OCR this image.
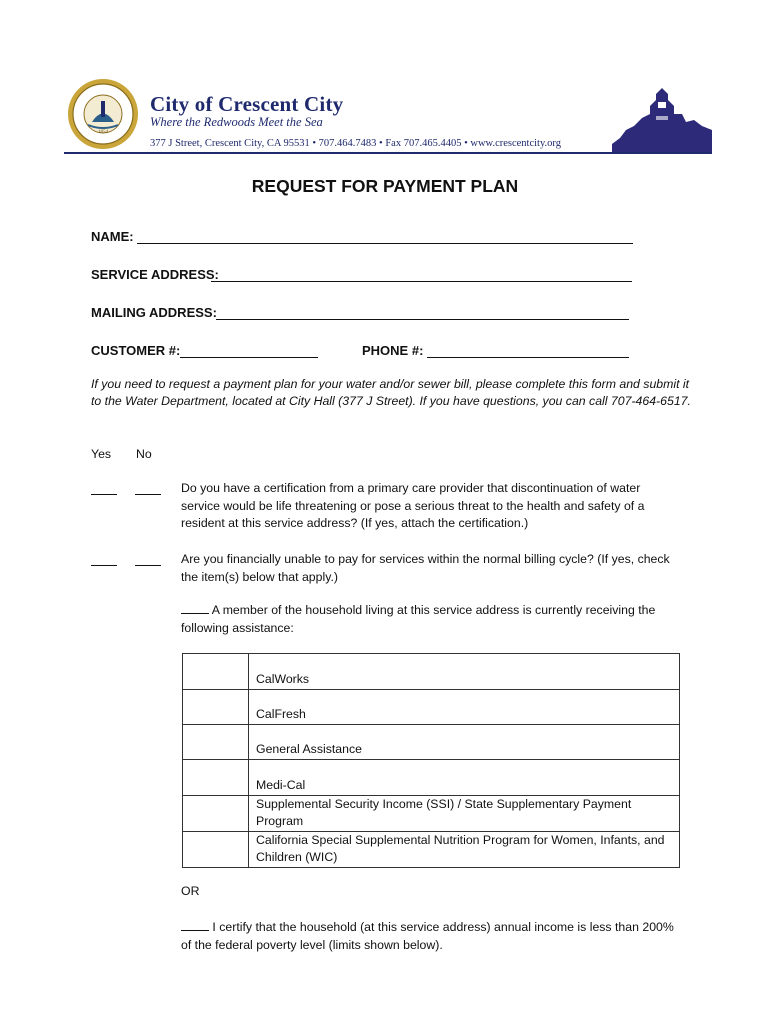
1854
City of Crescent City
Where the Redwoods Meet the Sea
377 J Street, Crescent City, CA 95531 • 707.464.7483 • Fax 707.465.4405 • www.crescentcity.org
REQUEST FOR PAYMENT PLAN
NAME:
SERVICE ADDRESS:
MAILING ADDRESS:
CUSTOMER #:	PHONE #:
If you need to request a payment plan for your water and/or sewer bill, please complete this form and submit it to the Water Department, located at City Hall (377 J Street). If you have questions, you can call 707-464-6517.
Yes No
Do you have a certification from a primary care provider that discontinuation of water service would be life threatening or pose a serious threat to the health and safety of a resident at this service address? (If yes, attach the certification.)
Are you financially unable to pay for services within the normal billing cycle? (If yes, check the item(s) below that apply.)
A member of the household living at this service address is currently receiving the following assistance:
	CalWorks
	CalFresh
	General Assistance
	Medi-Cal
	Supplemental Security Income (SSI) / State Supplementary Payment Program
	California Special Supplemental Nutrition Program for Women, Infants, and Children (WIC)
OR
I certify that the household (at this service address) annual income is less than 200% of the federal poverty level (limits shown below).
